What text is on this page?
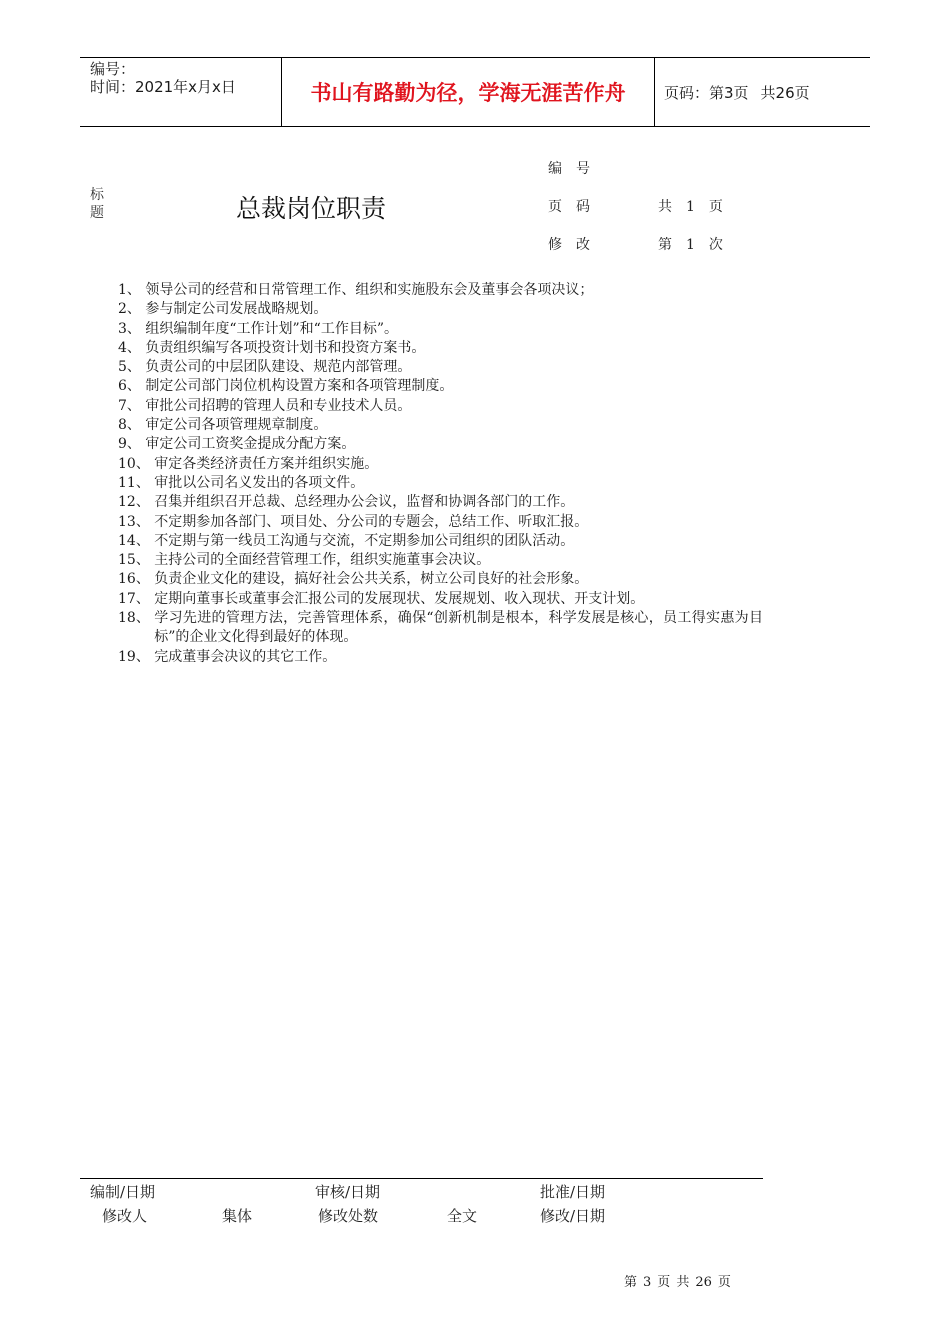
编号：
时间：2021年x月x日	书山有路勤为径，学海无涯苦作舟	页码：第3页 共26页
标
题	总裁岗位职责
编　号
页　码	共　1　页
修　改	第　1　次
1、 领导公司的经营和日常管理工作、组织和实施股东会及董事会各项决议；
2、 参与制定公司发展战略规划。
3、 组织编制年度“工作计划”和“工作目标”。
4、 负责组织编写各项投资计划书和投资方案书。
5、 负责公司的中层团队建设、规范内部管理。
6、 制定公司部门岗位机构设置方案和各项管理制度。
7、 审批公司招聘的管理人员和专业技术人员。
8、 审定公司各项管理规章制度。
9、 审定公司工资奖金提成分配方案。
10、 审定各类经济责任方案并组织实施。
11、 审批以公司名义发出的各项文件。
12、 召集并组织召开总裁、总经理办公会议，监督和协调各部门的工作。
13、 不定期参加各部门、项目处、分公司的专题会，总结工作、听取汇报。
14、 不定期与第一线员工沟通与交流，不定期参加公司组织的团队活动。
15、 主持公司的全面经营管理工作，组织实施董事会决议。
16、 负责企业文化的建设，搞好社会公共关系，树立公司良好的社会形象。
17、 定期向董事长或董事会汇报公司的发展现状、发展规划、收入现状、开支计划。
18、 学习先进的管理方法，完善管理体系，确保“创新机制是根本，科学发展是核心，员工得实惠为目标”的企业文化得到最好的体现。
19、 完成董事会决议的其它工作。
编制/日期	审核/日期	批准/日期
修改人	集体	修改处数	全文	修改/日期
第 3 页 共 26 页
